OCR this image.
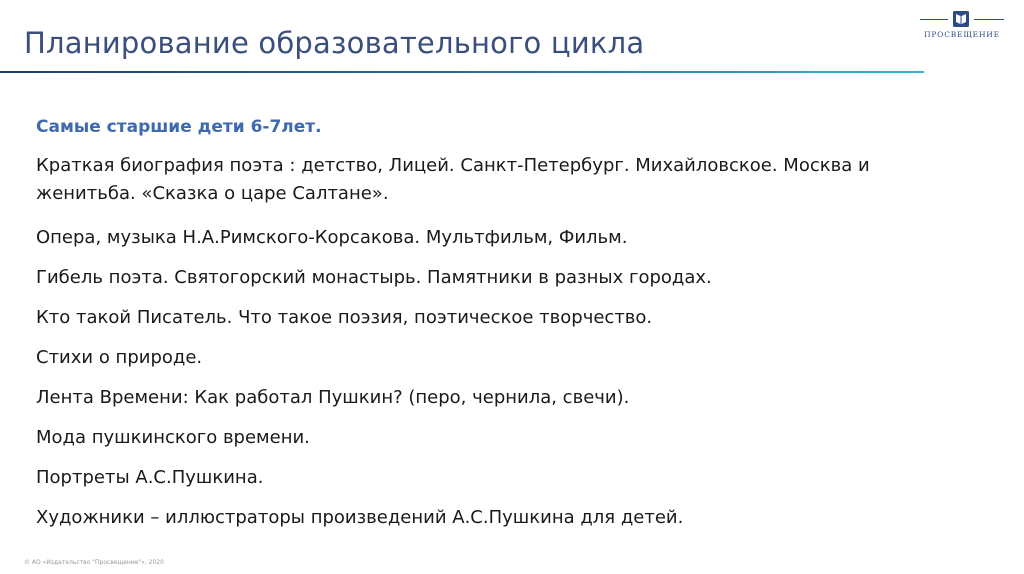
Планирование образовательного цикла	ПРОСВЕЩЕНИЕ
Самые старшие дети 6-7лет.
Краткая биография поэта : детство, Лицей. Санкт-Петербург. Михайловское. Москва и женитьба. «Сказка о царе Салтане».
Опера, музыка Н.А.Римского-Корсакова. Мультфильм, Фильм.
Гибель поэта. Святогорский монастырь. Памятники в разных городах.
Кто такой Писатель. Что такое поэзия, поэтическое творчество.
Стихи о природе.
Лента Времени: Как работал Пушкин? (перо, чернила, свечи).
Мода пушкинского времени.
Портреты А.С.Пушкина.
Художники – иллюстраторы произведений А.С.Пушкина для детей.
© АО «Издательство "Просвещение"», 2020
